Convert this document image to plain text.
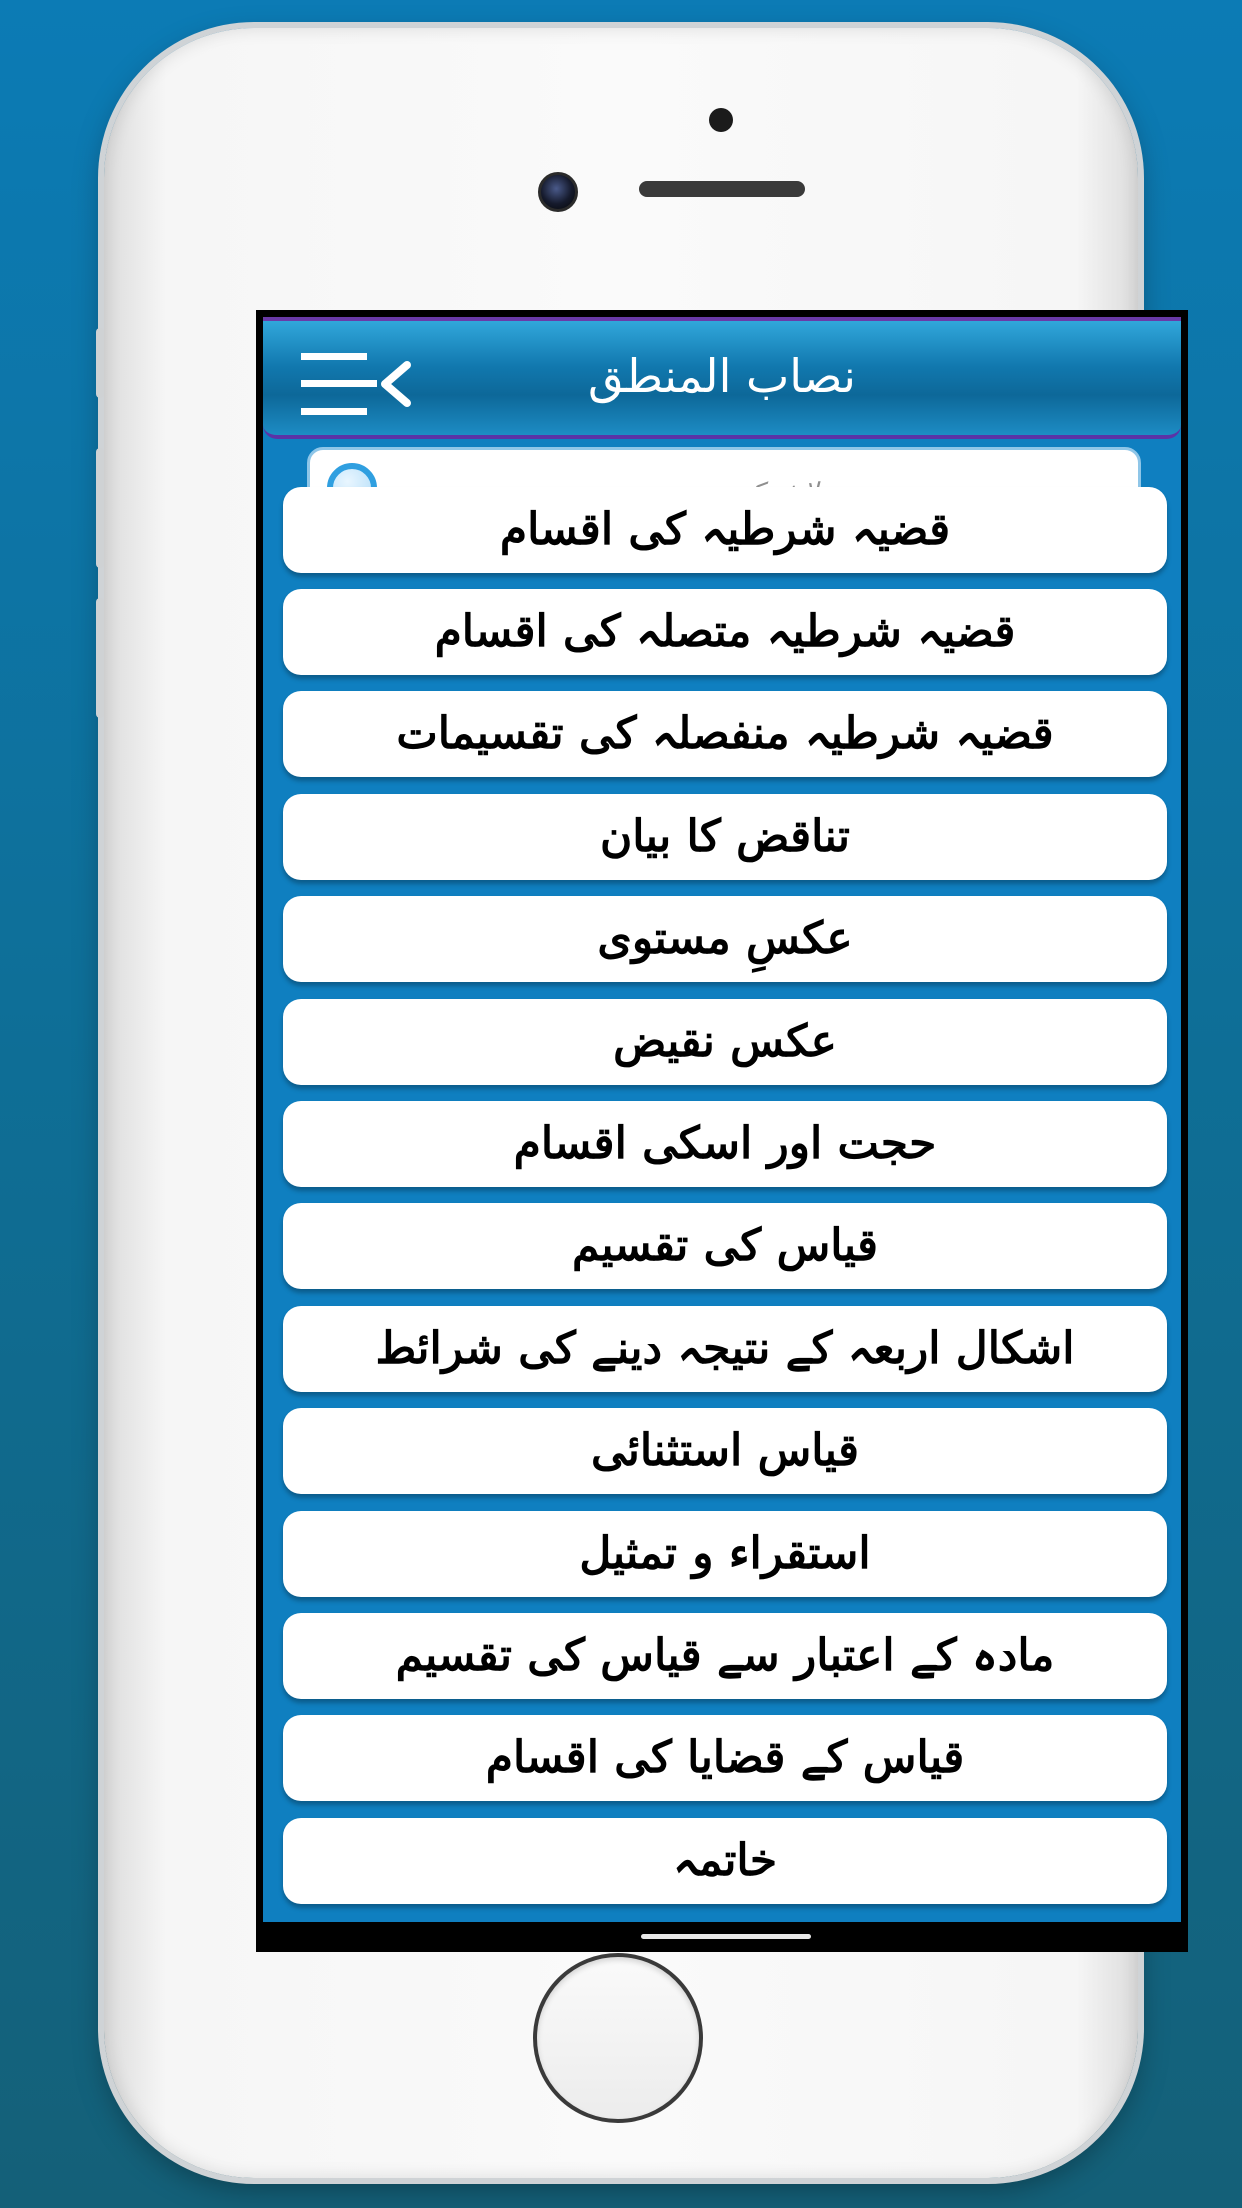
نصاب المنطق
تلاش کریں
قضیہ شرطیہ کی اقسام
قضیہ شرطیہ متصلہ کی اقسام
قضیہ شرطیہ منفصلہ کی تقسیمات
تناقض کا بیان
عکسِ مستوی
عکس نقیض
حجت اور اسکی اقسام
قیاس کی تقسیم
اشکال اربعہ کے نتیجہ دینے کی شرائط
قیاس استثنائی
استقراء و تمثیل
مادہ کے اعتبار سے قیاس کی تقسیم
قیاس کے قضایا کی اقسام
خاتمہ
